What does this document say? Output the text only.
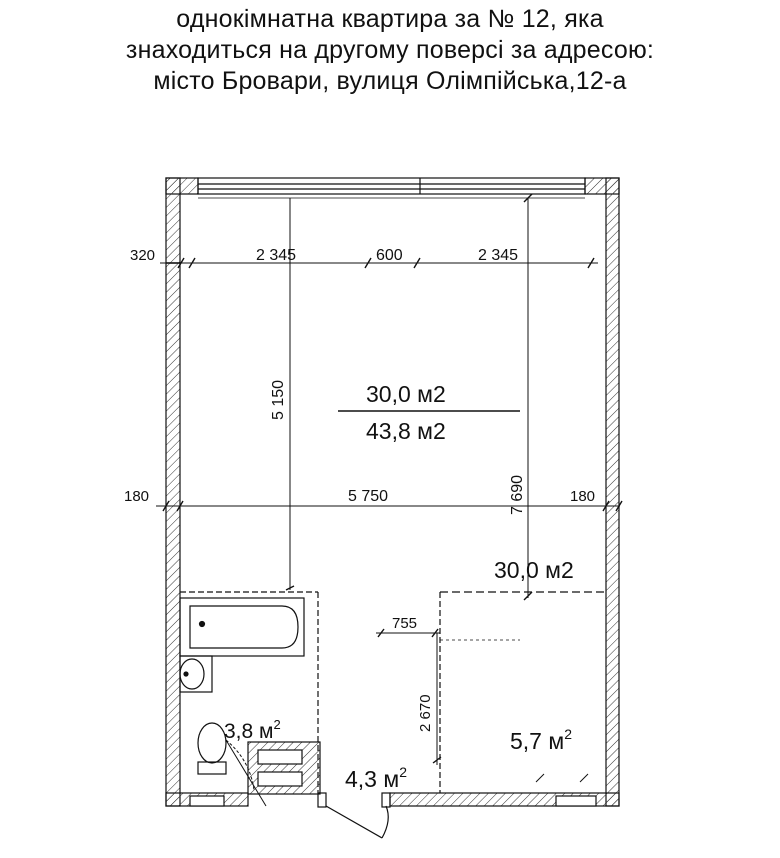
однокімнатна квартира за № 12, яка
знаходиться на другому поверсі за адресою:
місто Бровари, вулиця Олімпійська,12-а
320	2 345	600	2 345
5 150
180	5 750	180
7 690
755
2 670
30,0 м2
43,8 м2
30,0 м2
3,8 $м^2$
4,3 $м^2$
5,7 $м^2$
